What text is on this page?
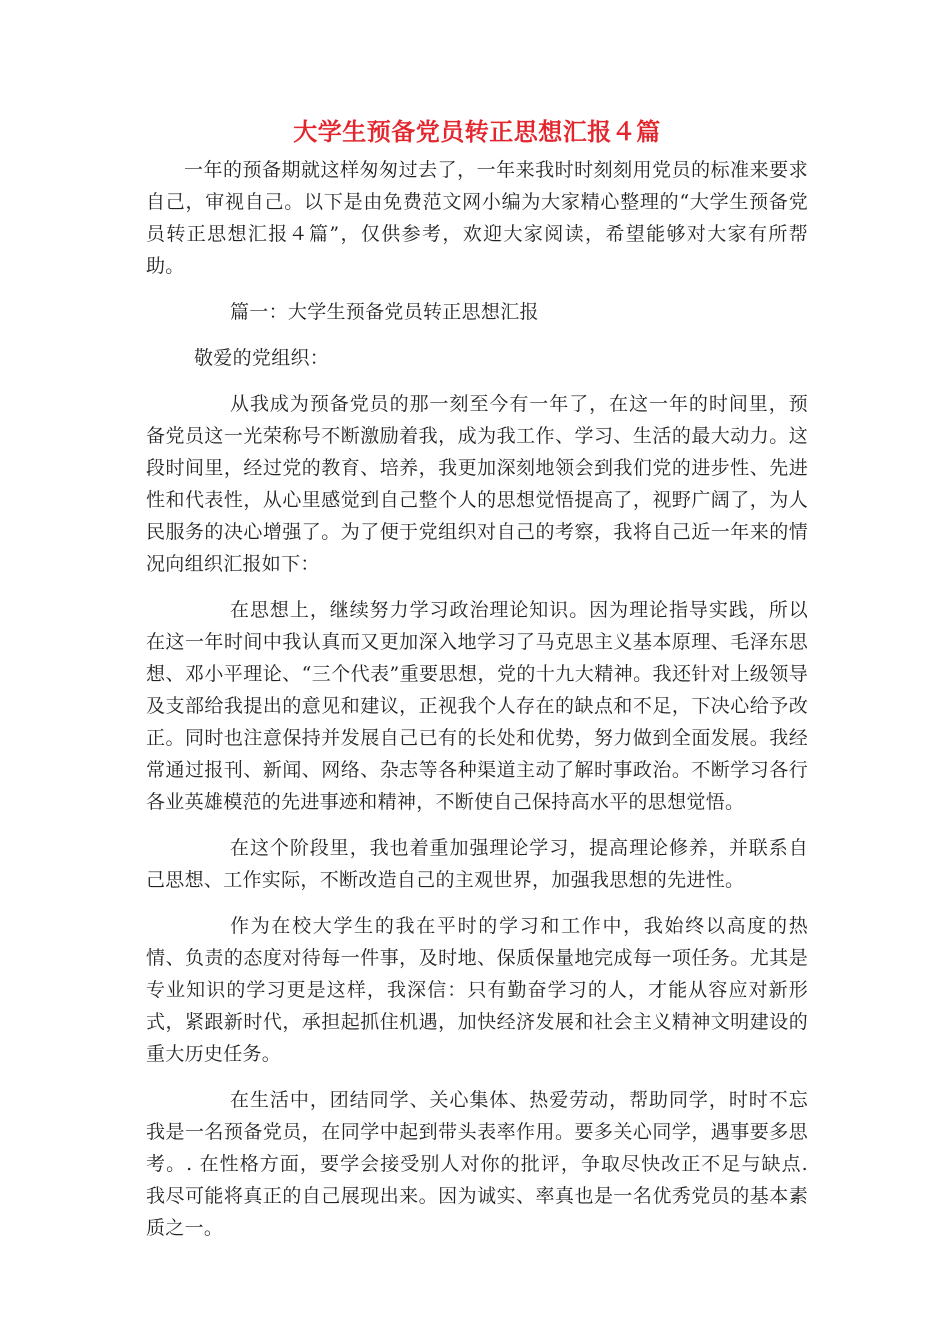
大学生预备党员转正思想汇报４篇

一年的预备期就这样匆匆过去了，一年来我时时刻刻用党员的标准来要求自己，审视自己。以下是由免费范文网小编为大家精心整理的“大学生预备党员转正思想汇报４篇”，仅供参考，欢迎大家阅读，希望能够对大家有所帮助。

篇一：大学生预备党员转正思想汇报

敬爱的党组织：

从我成为预备党员的那一刻至今有一年了，在这一年的时间里，预备党员这一光荣称号不断激励着我，成为我工作、学习、生活的最大动力。这段时间里，经过党的教育、培养，我更加深刻地领会到我们党的进步性、先进性和代表性，从心里感觉到自己整个人的思想觉悟提高了，视野广阔了，为人民服务的决心增强了。为了便于党组织对自己的考察，我将自己近一年来的情况向组织汇报如下：

在思想上，继续努力学习政治理论知识。因为理论指导实践，所以在这一年时间中我认真而又更加深入地学习了马克思主义基本原理、毛泽东思想、邓小平理论、“三个代表”重要思想，党的十九大精神。我还针对上级领导及支部给我提出的意见和建议，正视我个人存在的缺点和不足，下决心给予改正。同时也注意保持并发展自己已有的长处和优势，努力做到全面发展。我经常通过报刊、新闻、网络、杂志等各种渠道主动了解时事政治。不断学习各行各业英雄模范的先进事迹和精神，不断使自己保持高水平的思想觉悟。

在这个阶段里，我也着重加强理论学习，提高理论修养，并联系自己思想、工作实际，不断改造自己的主观世界，加强我思想的先进性。

作为在校大学生的我在平时的学习和工作中，我始终以高度的热情、负责的态度对待每一件事，及时地、保质保量地完成每一项任务。尤其是专业知识的学习更是这样，我深信：只有勤奋学习的人，才能从容应对新形式，紧跟新时代，承担起抓住机遇，加快经济发展和社会主义精神文明建设的重大历史任务。

在生活中，团结同学、关心集体、热爱劳动，帮助同学，时时不忘我是一名预备党员，在同学中起到带头表率作用。要多关心同学，遇事要多思考。. 在性格方面，要学会接受别人对你的批评，争取尽快改正不足与缺点. 我尽可能将真正的自己展现出来。因为诚实、率真也是一名优秀党员的基本素质之一。
